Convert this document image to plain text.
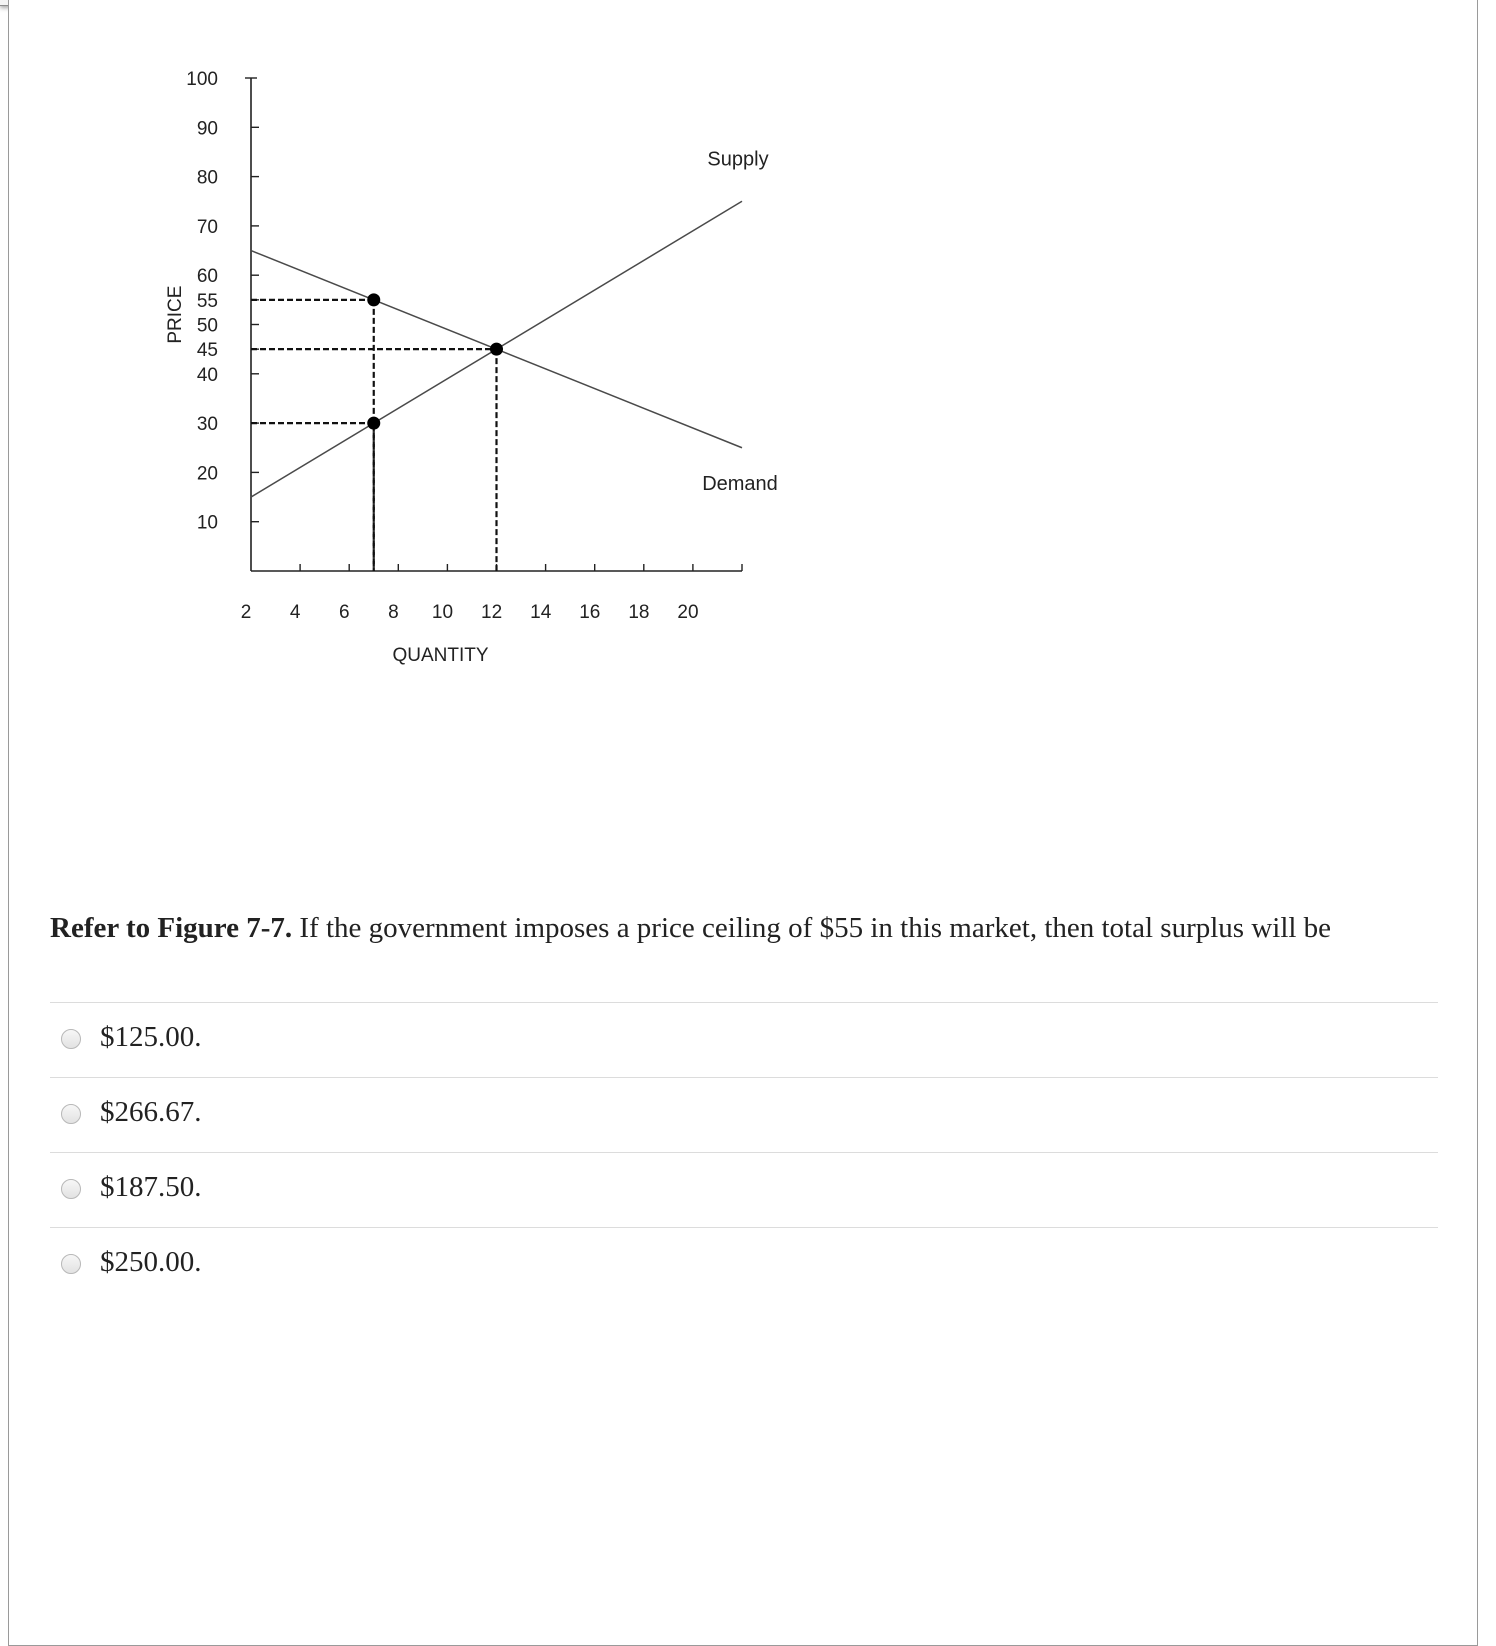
10
20
30
40
45
50
55
60
70
80
90
100
2 4 6 8 10 12 14 16 18 20
QUANTITY
PRICE
Supply
Demand
Refer to Figure 7-7. If the government imposes a price ceiling of $55 in this market, then total surplus will be
$125.00.
$266.67.
$187.50.
$250.00.
